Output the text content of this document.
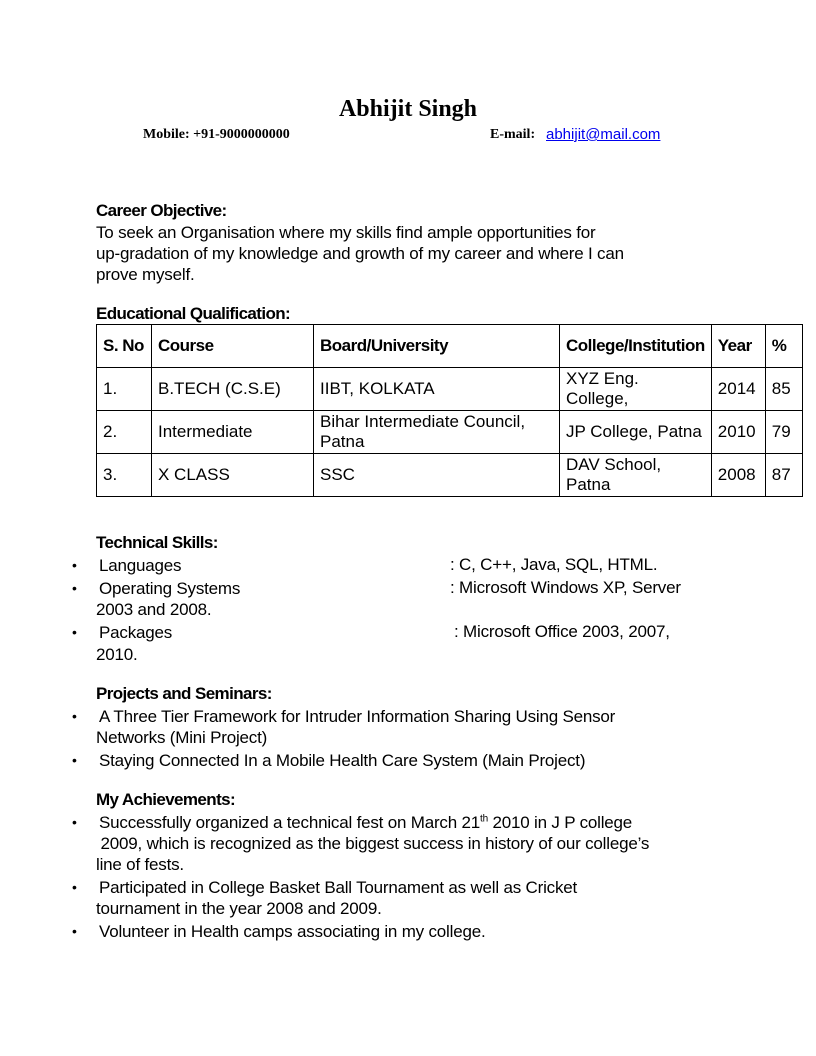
Abhijit Singh
Mobile: +91-9000000000	E-mail: abhijit@mail.com
Career Objective:
To seek an Organisation where my skills find ample opportunities for
up-gradation of my knowledge and growth of my career and where I can
prove myself.
Educational Qualification:
S. No	Course	Board/University	College/Institution	Year	%
1.	B.TECH (C.S.E)	IIBT, KOLKATA	XYZ Eng. College,	2014	85
2.	Intermediate	Bihar Intermediate Council, Patna	JP College, Patna	2010	79
3.	X CLASS	SSC	DAV School, Patna	2008	87
Technical Skills:
• Languages	: C, C++, Java, SQL, HTML.
• Operating Systems	: Microsoft Windows XP, Server
2003 and 2008.
• Packages	: Microsoft Office 2003, 2007,
2010.
Projects and Seminars:
• A Three Tier Framework for Intruder Information Sharing Using Sensor
Networks (Mini Project)
• Staying Connected In a Mobile Health Care System (Main Project)
My Achievements:
• Successfully organized a technical fest on March 21th 2010 in J P college
2009, which is recognized as the biggest success in history of our college’s
line of fests.
• Participated in College Basket Ball Tournament as well as Cricket
tournament in the year 2008 and 2009.
• Volunteer in Health camps associating in my college.
